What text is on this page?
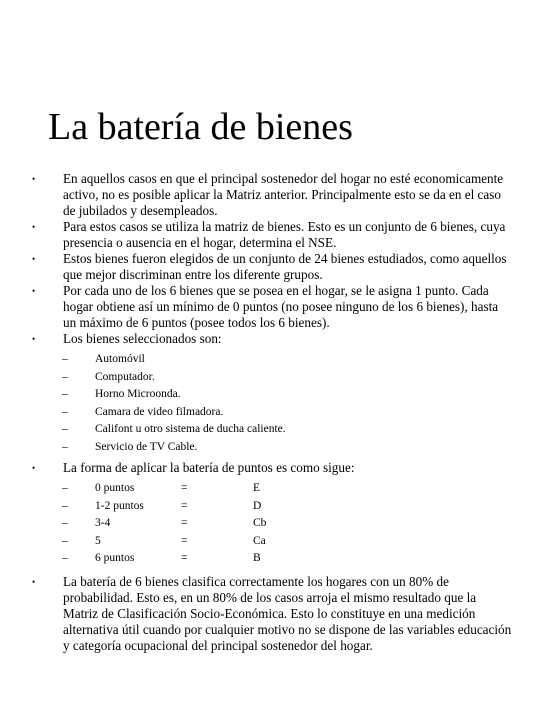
La batería de bienes
• En aquellos casos en que el principal sostenedor del hogar no esté economicamente activo, no es posible aplicar la Matriz anterior. Principalmente esto se da en el caso de jubilados y desempleados.
• Para estos casos se utiliza la matriz de bienes. Esto es un conjunto de 6 bienes, cuya presencia o ausencia en el hogar, determina el NSE.
• Estos bienes fueron elegidos de un conjunto de 24 bienes estudiados, como aquellos que mejor discriminan entre los diferente grupos.
• Por cada uno de los 6 bienes que se posea en el hogar, se le asigna 1 punto. Cada hogar obtiene así un mínimo de 0 puntos (no posee ninguno de los 6 bienes), hasta un máximo de 6 puntos (posee todos los 6 bienes).
• Los bienes seleccionados son:
– Automóvil
– Computador.
– Horno Microonda.
– Camara de video filmadora.
– Califont u otro sistema de ducha caliente.
– Servicio de TV Cable.
• La forma de aplicar la batería de puntos es como sigue:
– 0 puntos	=	E
– 1-2 puntos	=	D
– 3-4	=	Cb
– 5	=	Ca
– 6 puntos	=	B
• La batería de 6 bienes clasifica correctamente los hogares con un 80% de probabilidad. Esto es, en un 80% de los casos arroja el mismo resultado que la Matriz de Clasificación Socio-Económica. Esto lo constituye en una medición alternativa útil cuando por cualquier motivo no se dispone de las variables educación y categoría ocupacional del principal sostenedor del hogar.
